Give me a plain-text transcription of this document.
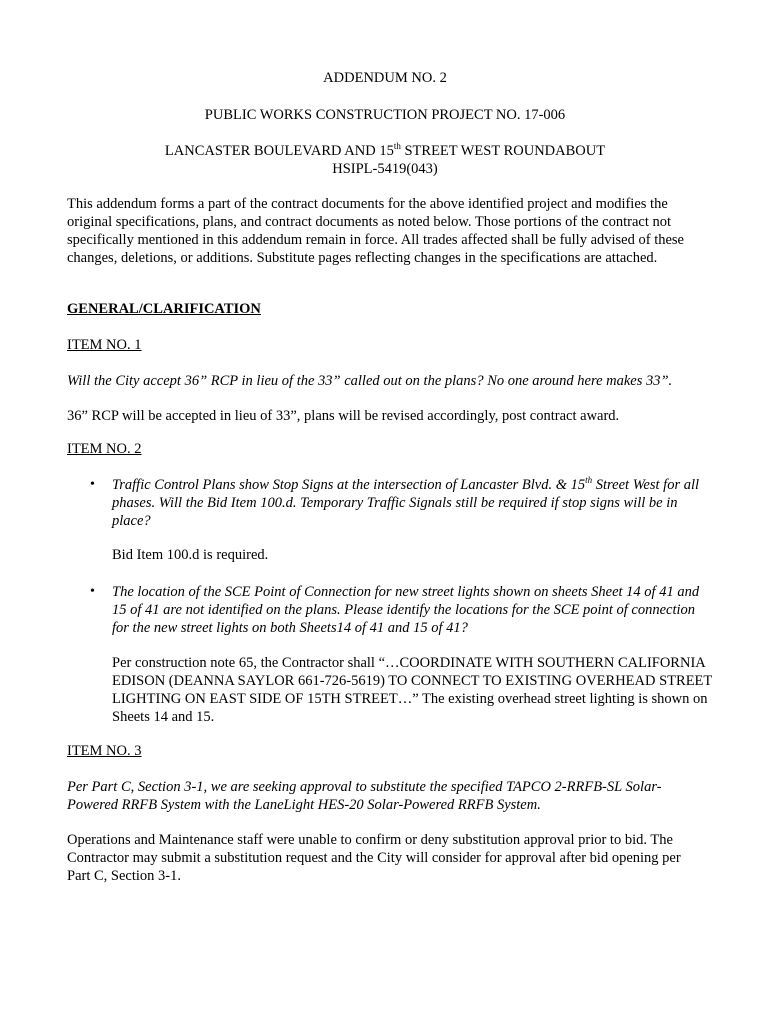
ADDENDUM NO. 2
PUBLIC WORKS CONSTRUCTION PROJECT NO. 17-006
LANCASTER BOULEVARD AND 15th STREET WEST ROUNDABOUT
HSIPL-5419(043)
This addendum forms a part of the contract documents for the above identified project and modifies the original specifications, plans, and contract documents as noted below. Those portions of the contract not specifically mentioned in this addendum remain in force. All trades affected shall be fully advised of these changes, deletions, or additions. Substitute pages reflecting changes in the specifications are attached.
GENERAL/CLARIFICATION
ITEM NO. 1
Will the City accept 36” RCP in lieu of the 33” called out on the plans? No one around here makes 33”.
36” RCP will be accepted in lieu of 33”, plans will be revised accordingly, post contract award.
ITEM NO. 2
• Traffic Control Plans show Stop Signs at the intersection of Lancaster Blvd. & 15th Street West for all phases. Will the Bid Item 100.d. Temporary Traffic Signals still be required if stop signs will be in place?
Bid Item 100.d is required.
• The location of the SCE Point of Connection for new street lights shown on sheets Sheet 14 of 41 and 15 of 41 are not identified on the plans. Please identify the locations for the SCE point of connection for the new street lights on both Sheets14 of 41 and 15 of 41?
Per construction note 65, the Contractor shall “…COORDINATE WITH SOUTHERN CALIFORNIA EDISON (DEANNA SAYLOR 661-726-5619) TO CONNECT TO EXISTING OVERHEAD STREET LIGHTING ON EAST SIDE OF 15TH STREET…” The existing overhead street lighting is shown on Sheets 14 and 15.
ITEM NO. 3
Per Part C, Section 3-1, we are seeking approval to substitute the specified TAPCO 2-RRFB-SL Solar-Powered RRFB System with the LaneLight HES-20 Solar-Powered RRFB System.
Operations and Maintenance staff were unable to confirm or deny substitution approval prior to bid. The Contractor may submit a substitution request and the City will consider for approval after bid opening per Part C, Section 3-1.
